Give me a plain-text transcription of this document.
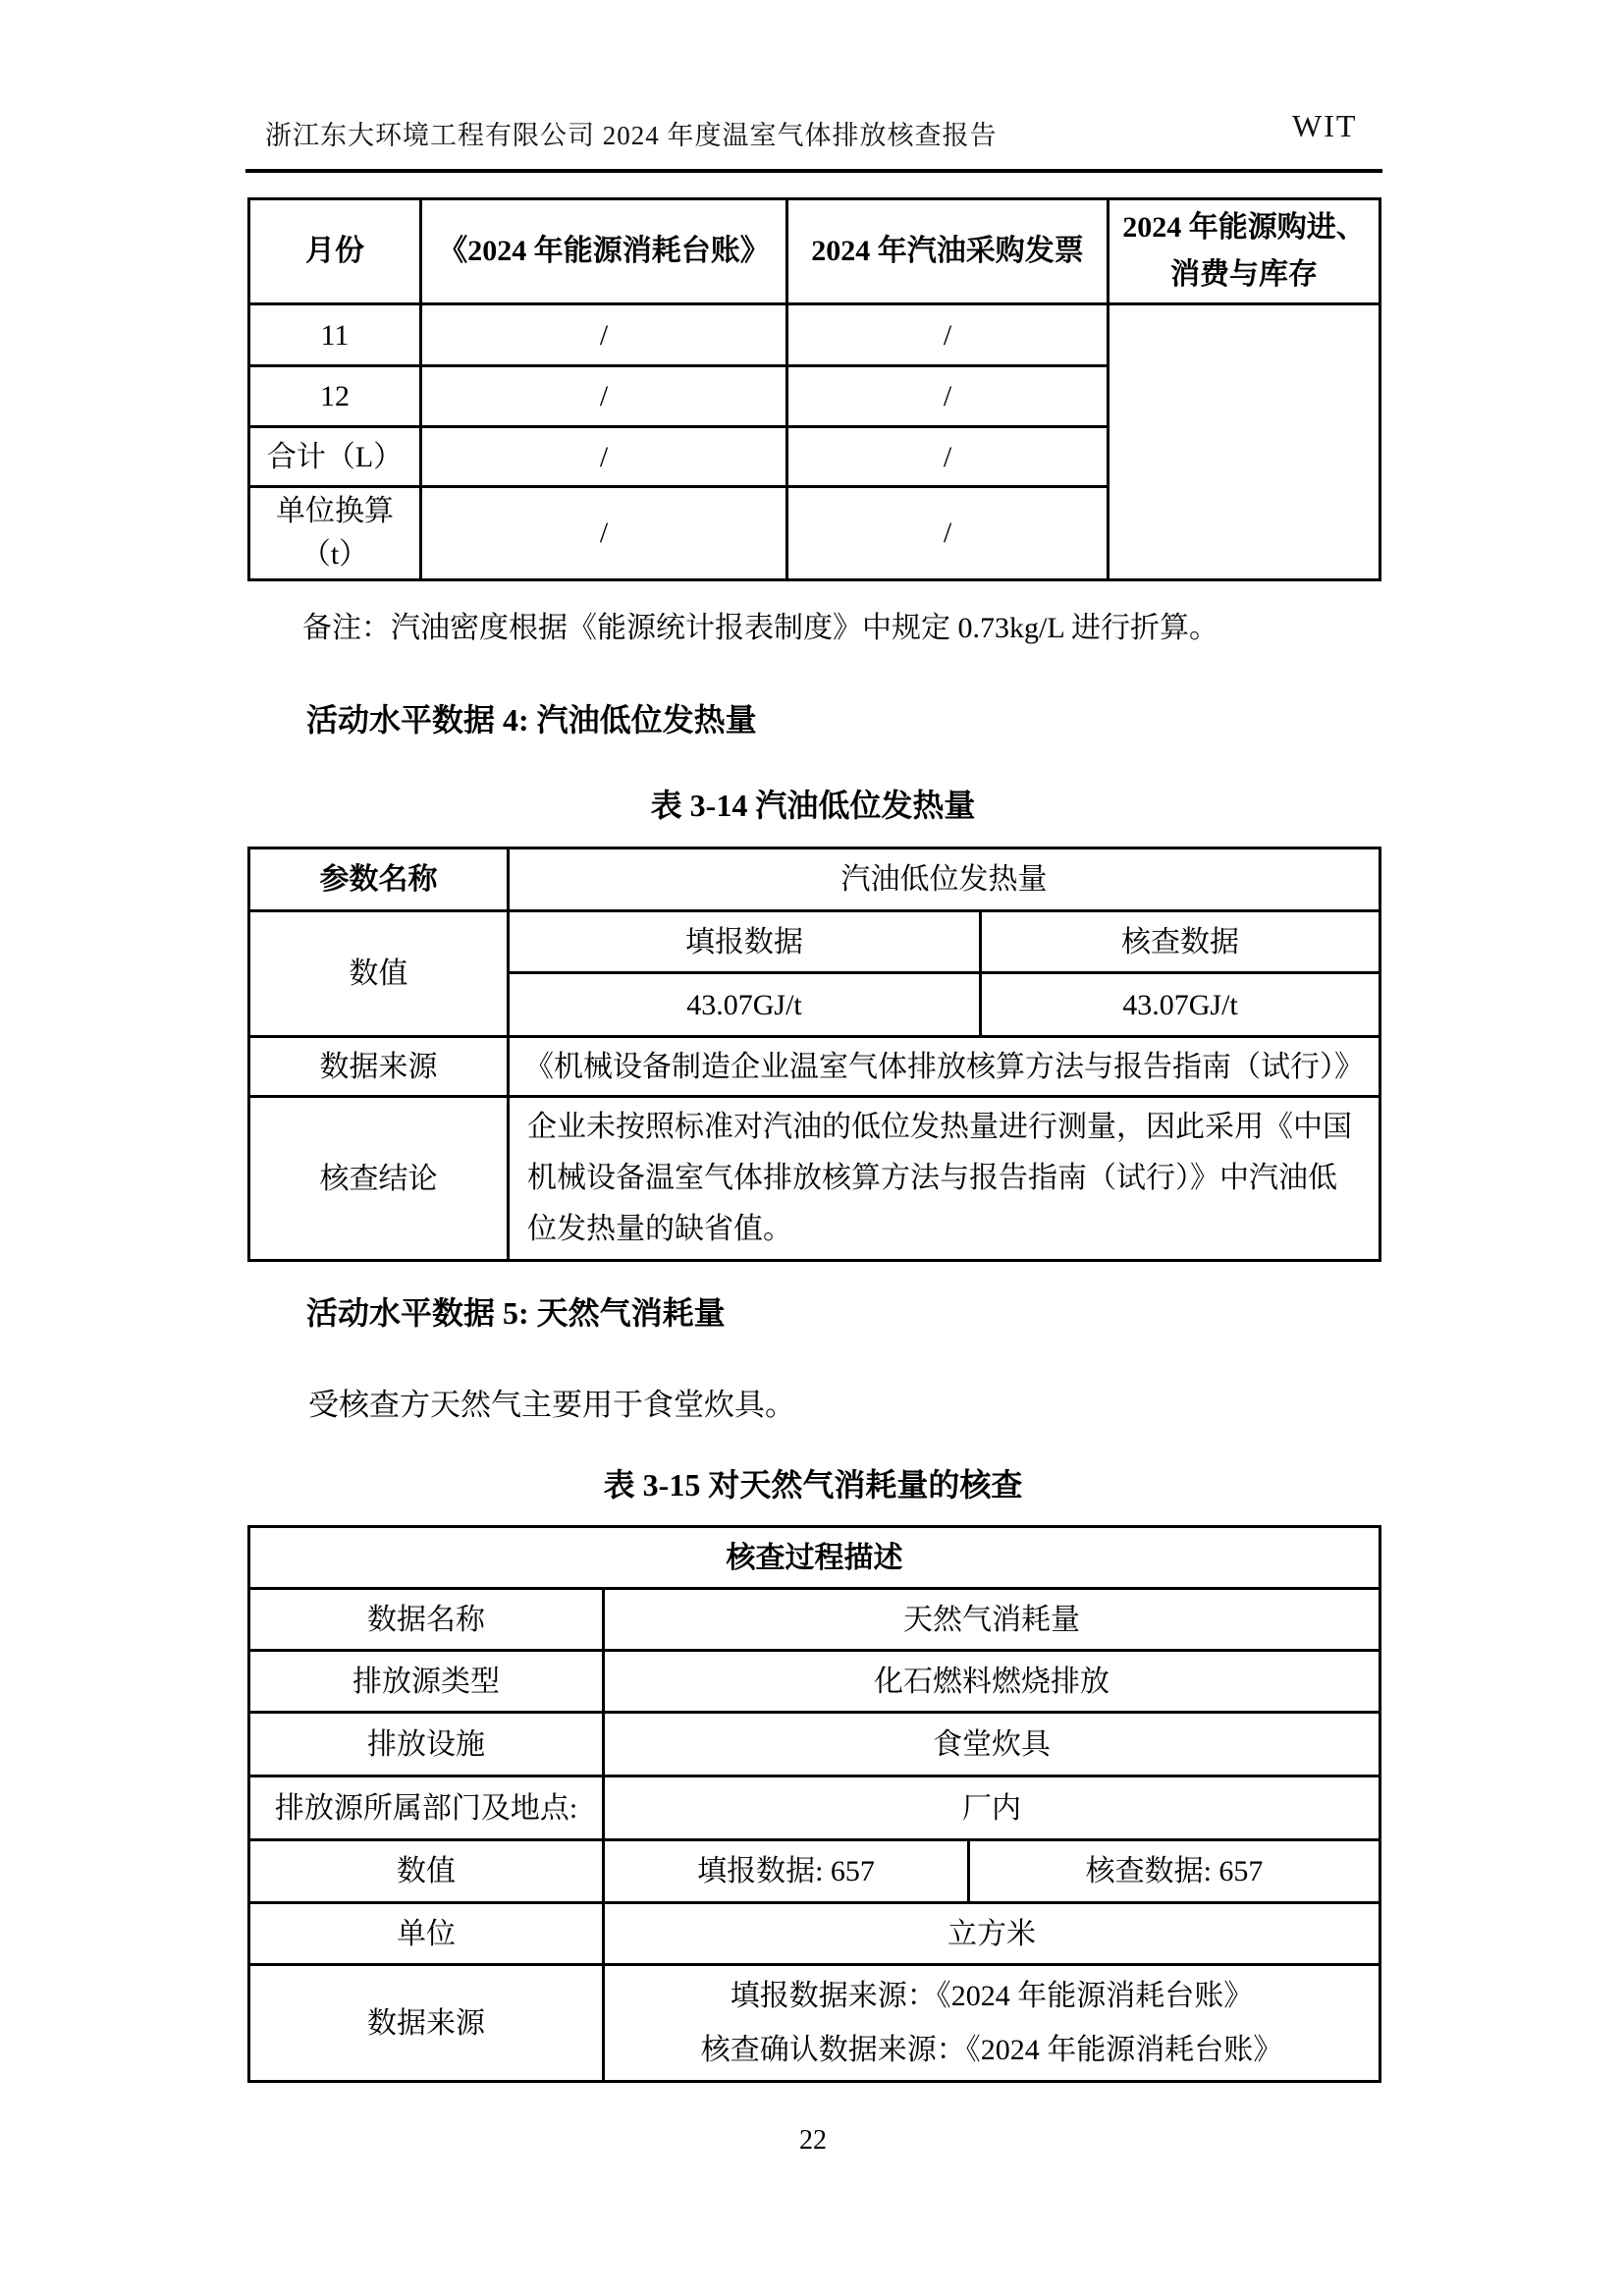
浙江东大环境工程有限公司 2024 年度温室气体排放核查报告	WIT
月份	《2024 年能源消耗台账》	2024 年汽油采购发票	2024 年能源购进、消费与库存
11	/	/	
12	/	/	
合计（L）	/	/	
单位换算（t）	/	/	
备注：汽油密度根据《能源统计报表制度》中规定 0.73kg/L 进行折算。
活动水平数据 4: 汽油低位发热量
表 3-14 汽油低位发热量
参数名称	汽油低位发热量	
数值	填报数据	核查数据
	43.07GJ/t	43.07GJ/t
数据来源	《机械设备制造企业温室气体排放核算方法与报告指南（试行）》	
核查结论	企业未按照标准对汽油的低位发热量进行测量，因此采用《中国机械设备温室气体排放核算方法与报告指南（试行）》中汽油低位发热量的缺省值。	
活动水平数据 5: 天然气消耗量
受核查方天然气主要用于食堂炊具。
表 3-15 对天然气消耗量的核查
核查过程描述		
数据名称	天然气消耗量	
排放源类型	化石燃料燃烧排放	
排放设施	食堂炊具	
排放源所属部门及地点:	厂内	
数值	填报数据: 657	核查数据: 657
单位	立方米	
数据来源	填报数据来源：《2024 年能源消耗台账》
核查确认数据来源：《2024 年能源消耗台账》	
22
